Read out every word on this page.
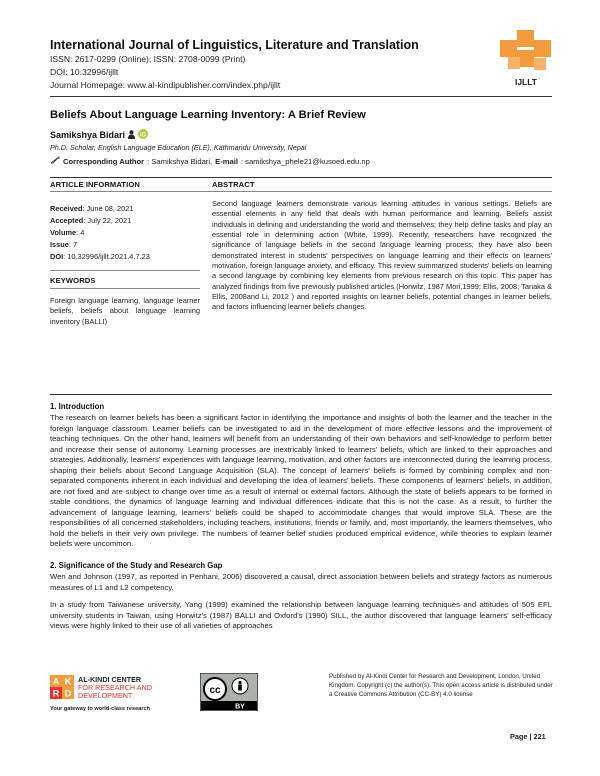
International Journal of Linguistics, Literature and Translation
ISSN: 2617-0299 (Online); ISSN: 2708-0099 (Print)
DOI: 10.32996/ijllt
Journal Homepage: www.al-kindipublisher.com/index.php/ijllt	IJLLT
Beliefs About Language Learning Inventory: A Brief Review
Samikshya Bidari	iD
Ph.D. Scholar, English Language Education (ELE), Kathmandu University, Nepal
Corresponding Author : Samikshya Bidari, E-mail : samikshya_phele21@kusoed.edu.np
ARTICLE INFORMATION	ABSTRACT
Received: June 08, 2021
Accepted: July 22, 2021
Volume: 4
Issue: 7
DOI: 10.32996/ijllt.2021.4.7.23
KEYWORDS
Foreign language learning, language learner beliefs, beliefs about language learning inventory (BALLI)
Second language learners demonstrate various learning attitudes in various settings. Beliefs are essential elements in any field that deals with human performance and learning. Beliefs assist individuals in defining and understanding the world and themselves; they help define tasks and play an essential role in determining action (White, 1999). Recently, researchers have recognized the significance of language beliefs in the second language learning process; they have also been demonstrated interest in students' perspectives on language learning and their effects on learners' motivation, foreign language anxiety, and efficacy. This review summarized students' beliefs on learning a second language by combining key elements from previous research on this topic. This paper has analyzed findings from five previously published articles (Horwitz, 1987 Mori,1999; Ellis, 2008; Tanaka & Ellis, 2008and Li, 2012 ) and reported insights on learner beliefs, potential changes in learner beliefs, and factors influencing learner beliefs changes.
1. Introduction
The research on learner beliefs has been a significant factor in identifying the importance and insights of both the learner and the teacher in the foreign language classroom. Learner beliefs can be investigated to aid in the development of more effective lessons and the improvement of teaching techniques. On the other hand, learners will benefit from an understanding of their own behaviors and self-knowledge to perform better and increase their sense of autonomy. Learning processes are inextricably linked to learners' beliefs, which are linked to their approaches and strategies. Additionally, learners' experiences with language learning, motivation, and other factors are interconnected during the learning process, shaping their beliefs about Second Language Acquisition (SLA). The concept of learners' beliefs is formed by combining complex and non-separated components inherent in each individual and developing the idea of learners' beliefs. These components of learners' beliefs, in addition, are not fixed and are subject to change over time as a result of internal or external factors. Although the state of beliefs appears to be formed in stable conditions, the dynamics of language learning and individual differences indicate that this is not the case. As a result, to further the advancement of language learning, learners' beliefs could be shaped to accommodate changes that would improve SLA. These are the responsibilities of all concerned stakeholders, including teachers, institutions, friends or family, and, most importantly, the learners themselves, who hold the beliefs in their very own privilege. The numbers of learner belief studies produced empirical evidence, while theories to explain learner beliefs were uncommon.
2. Significance of the Study and Research Gap
Wen and Johnson (1997, as reported in Penhani, 2006) discovered a causal, direct association between beliefs and strategy factors as numerous measures of L1 and L2 competency.
In a study from Taiwanese university, Yang (1999) examined the relationship between language learning techniques and attitudes of 505 EFL university students in Taiwan, using Horwitz's (1987) BALLI and Oxford's (1990) SILL, the author discovered that language learners' self-efficacy views were highly linked to their use of all varieties of approaches
A K
R D
AL-KINDI CENTER
FOR RESEARCH AND
DEVELOPMENT
Your gateway to world-class research
cc
BY
Published by Al-Kindi Center for Research and Development, London, United Kingdom. Copyright (c) the author(s). This open access article is distributed under a Creative Commons Attribution (CC-BY) 4.0 license
Page | 221
